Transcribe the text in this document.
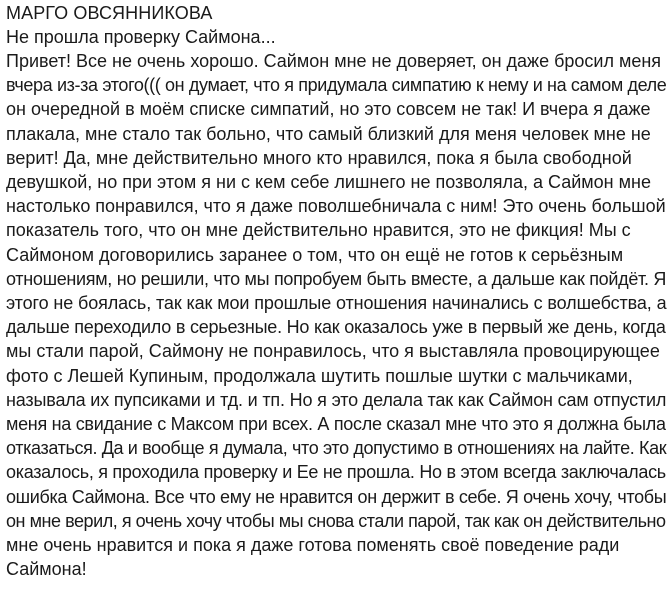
МАРГО ОВСЯННИКОВА

Не прошла проверку Саймона...

Привет! Все не очень хорошо. Саймон мне не доверяет, он даже бросил меня
вчера из-за этого((( он думает, что я придумала симпатию к нему и на самом деле
он очередной в моём списке симпатий, но это совсем не так! И вчера я даже
плакала, мне стало так больно, что самый близкий для меня человек мне не
верит! Да, мне действительно много кто нравился, пока я была свободной
девушкой, но при этом я ни с кем себе лишнего не позволяла, а Саймон мне
настолько понравился, что я даже поволшебничала с ним! Это очень большой
показатель того, что он мне действительно нравится, это не фикция! Мы с
Саймоном договорились заранее о том, что он ещё не готов к серьёзным
отношениям, но решили, что мы попробуем быть вместе, а дальше как пойдёт. Я
этого не боялась, так как мои прошлые отношения начинались с волшебства, а
дальше переходило в серьезные. Но как оказалось уже в первый же день, когда
мы стали парой, Саймону не понравилось, что я выставляла провоцирующее
фото с Лешей Купиным, продолжала шутить пошлые шутки с мальчиками,
называла их пупсиками и тд. и тп. Но я это делала так как Саймон сам отпустил
меня на свидание с Максом при всех. А после сказал мне что это я должна была
отказаться. Да и вообще я думала, что это допустимо в отношениях на лайте. Как
оказалось, я проходила проверку и Ее не прошла. Но в этом всегда заключалась
ошибка Саймона. Все что ему не нравится он держит в себе. Я очень хочу, чтобы
он мне верил, я очень хочу чтобы мы снова стали парой, так как он действительно
мне очень нравится и пока я даже готова поменять своё поведение ради
Саймона!
